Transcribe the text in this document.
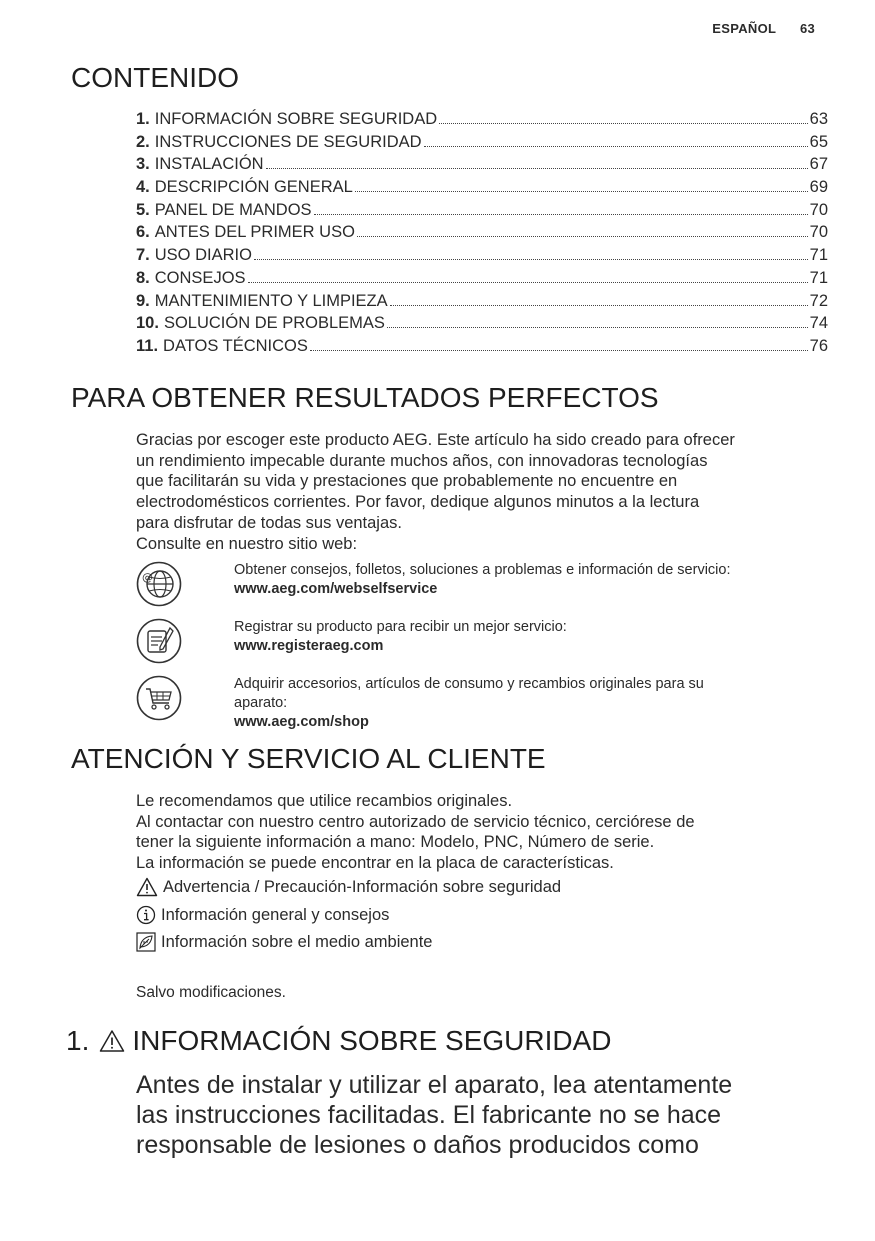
ESPAÑOL 63
CONTENIDO
1. INFORMACIÓN SOBRE SEGURIDAD	63
2. INSTRUCCIONES DE SEGURIDAD	65
3. INSTALACIÓN	67
4. DESCRIPCIÓN GENERAL	69
5. PANEL DE MANDOS	70
6. ANTES DEL PRIMER USO	70
7. USO DIARIO	71
8. CONSEJOS	71
9. MANTENIMIENTO Y LIMPIEZA	72
10. SOLUCIÓN DE PROBLEMAS	74
11. DATOS TÉCNICOS	76
PARA OBTENER RESULTADOS PERFECTOS
Gracias por escoger este producto AEG. Este artículo ha sido creado para ofrecer
un rendimiento impecable durante muchos años, con innovadoras tecnologías
que facilitarán su vida y prestaciones que probablemente no encuentre en
electrodomésticos corrientes. Por favor, dedique algunos minutos a la lectura
para disfrutar de todas sus ventajas.
Consulte en nuestro sitio web:
@	Obtener consejos, folletos, soluciones a problemas e información de servicio:
www.aeg.com/webselfservice
Registrar su producto para recibir un mejor servicio:
www.registeraeg.com
Adquirir accesorios, artículos de consumo y recambios originales para su
aparato:
www.aeg.com/shop
ATENCIÓN Y SERVICIO AL CLIENTE
Le recomendamos que utilice recambios originales.
Al contactar con nuestro centro autorizado de servicio técnico, cerciórese de
tener la siguiente información a mano: Modelo, PNC, Número de serie.
La información se puede encontrar en la placa de características.
Advertencia / Precaución-Información sobre seguridad
Información general y consejos
Información sobre el medio ambiente
Salvo modificaciones.
1. INFORMACIÓN SOBRE SEGURIDAD
Antes de instalar y utilizar el aparato, lea atentamente
las instrucciones facilitadas. El fabricante no se hace
responsable de lesiones o daños producidos como
